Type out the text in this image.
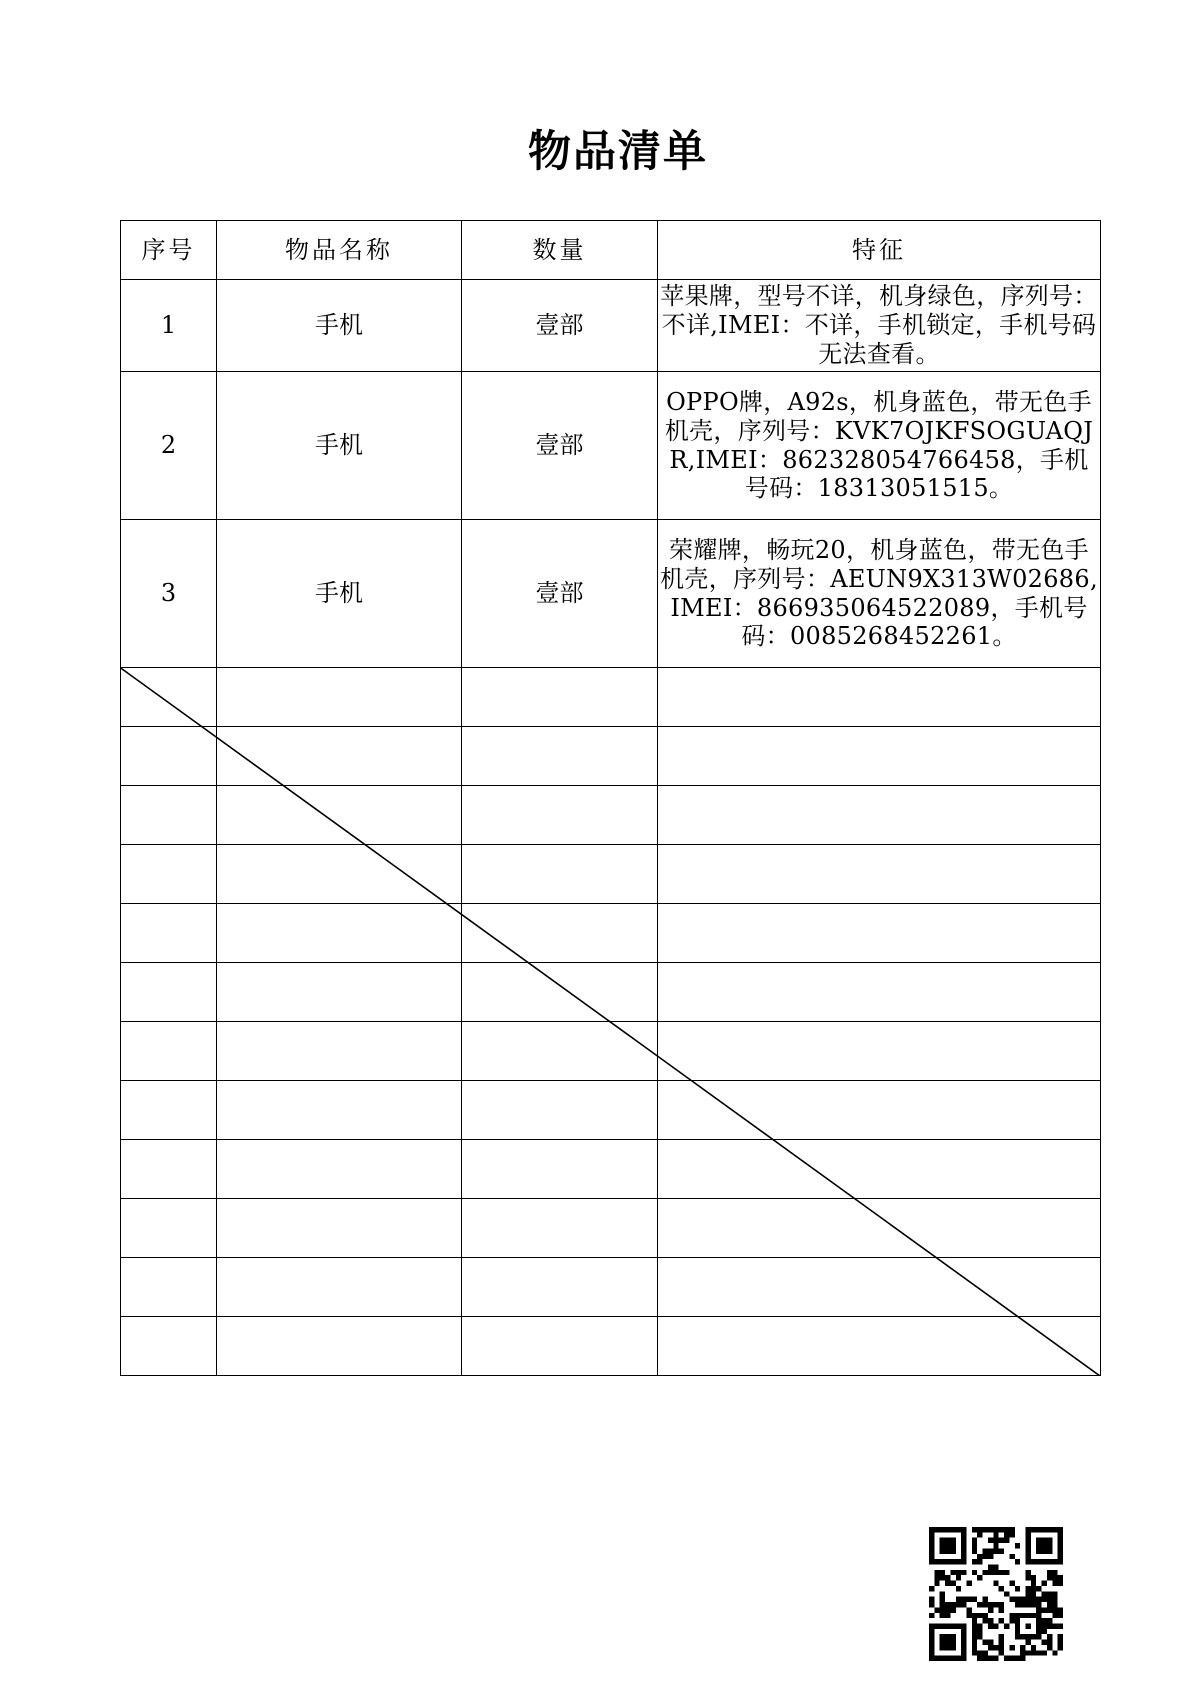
物品清单
序号	物品名称	数量	特征
1	手机	壹部	苹果牌，型号不详，机身绿色，序列号：不详,IMEI：不详，手机锁定，手机号码无法查看。
2	手机	壹部	OPPO牌，A92s，机身蓝色，带无色手机壳，序列号：KVK7OJKFSOGUAQJR,IMEI：862328054766458，手机号码：18313051515。
3	手机	壹部	荣耀牌，畅玩20，机身蓝色，带无色手机壳，序列号：AEUN9X313W02686,IMEI：866935064522089，手机号码：0085268452261。
